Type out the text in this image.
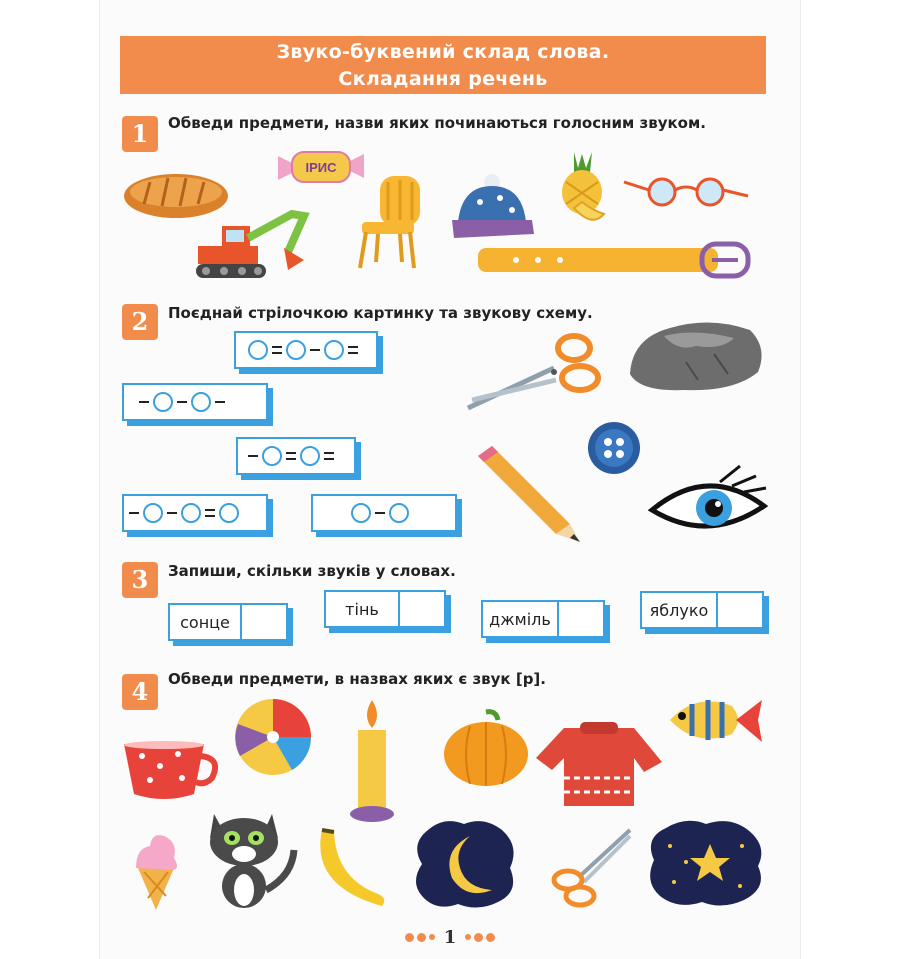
Звуко-буквений склад слова.
Складання речень
1	Обведи предмети, назви яких починаються голосним звуком.
ІРИС
2	Поєднай стрілочкою картинку та звукову схему.
3	Запиши, скільки звуків у словах.
сонце
тінь
джміль	яблуко
4	Обведи предмети, в назвах яких є звук [р].
1
